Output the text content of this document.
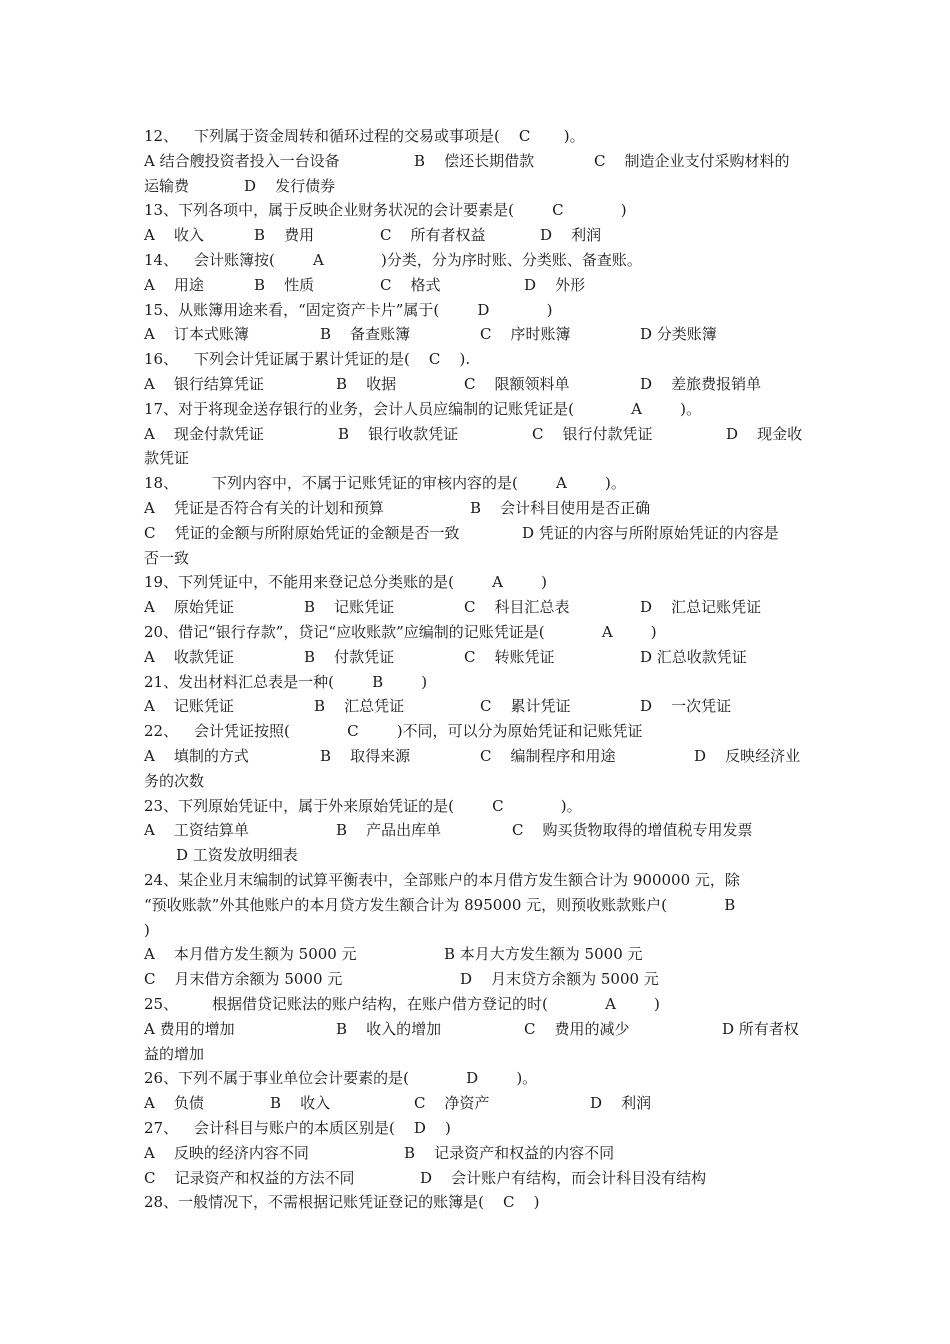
12、 下列属于资金周转和循环过程的交易或事项是(    C       )。
A 结合艘投资者投入一台设备	B    偿还长期借款	C    制造企业支付采购材料的
运输费	D    发行债券
13、下列各项中，属于反映企业财务状况的会计要素是(        C            )
A    收入	B    费用	C    所有者权益	D    利润
14、 会计账簿按(        A            )分类，分为序时账、分类账、备查账。
A    用途	B    性质	C    格式	D    外形
15、从账簿用途来看，“固定资产卡片”属于(        D            )
A    订本式账簿	B    备查账簿	C    序时账簿	D 分类账簿
16、 下列会计凭证属于累计凭证的是(    C    ).
A    银行结算凭证	B    收据	C    限额领料单	D    差旅费报销单
17、对于将现金送存银行的业务，会计人员应编制的记账凭证是(            A        )。
A    现金付款凭证	B    银行收款凭证	C    银行付款凭证	D    现金收
款凭证
18、 下列内容中，不属于记账凭证的审核内容的是(        A        )。
A    凭证是否符合有关的计划和预算	B    会计科目使用是否正确
C    凭证的金额与所附原始凭证的金额是否一致	D 凭证的内容与所附原始凭证的内容是
否一致
19、下列凭证中，不能用来登记总分类账的是(        A        )
A    原始凭证	B    记账凭证	C    科目汇总表	D    汇总记账凭证
20、借记“银行存款”，贷记“应收账款”应编制的记账凭证是(            A        )
A    收款凭证	B    付款凭证	C    转账凭证	D 汇总收款凭证
21、发出材料汇总表是一种(        B        )
A    记账凭证	B    汇总凭证	C    累计凭证	D    一次凭证
22、 会计凭证按照(            C        )不同，可以分为原始凭证和记账凭证
A    填制的方式	B    取得来源	C    编制程序和用途	D    反映经济业
务的次数
23、下列原始凭证中，属于外来原始凭证的是(        C            )。
A    工资结算单	B    产品出库单	C    购买货物取得的增值税专用发票
D 工资发放明细表
24、某企业月末编制的试算平衡表中，全部账户的本月借方发生额合计为 900000 元，除
“预收账款”外其他账户的本月贷方发生额合计为 895000 元，则预收账款账户(            B
)
A    本月借方发生额为 5000 元	B 本月大方发生额为 5000 元
C    月末借方余额为 5000 元	D    月末贷方余额为 5000 元
25、 根据借贷记账法的账户结构，在账户借方登记的时(            A        )
A 费用的增加	B    收入的增加	C    费用的减少	D 所有者权
益的增加
26、下列不属于事业单位会计要素的是(            D        )。
A    负债	B    收入	C    净资产	D    利润
27、 会计科目与账户的本质区别是(    D    )
A    反映的经济内容不同	B    记录资产和权益的内容不同
C    记录资产和权益的方法不同	D    会计账户有结构，而会计科目没有结构
28、一般情况下，不需根据记账凭证登记的账簿是(    C    )
